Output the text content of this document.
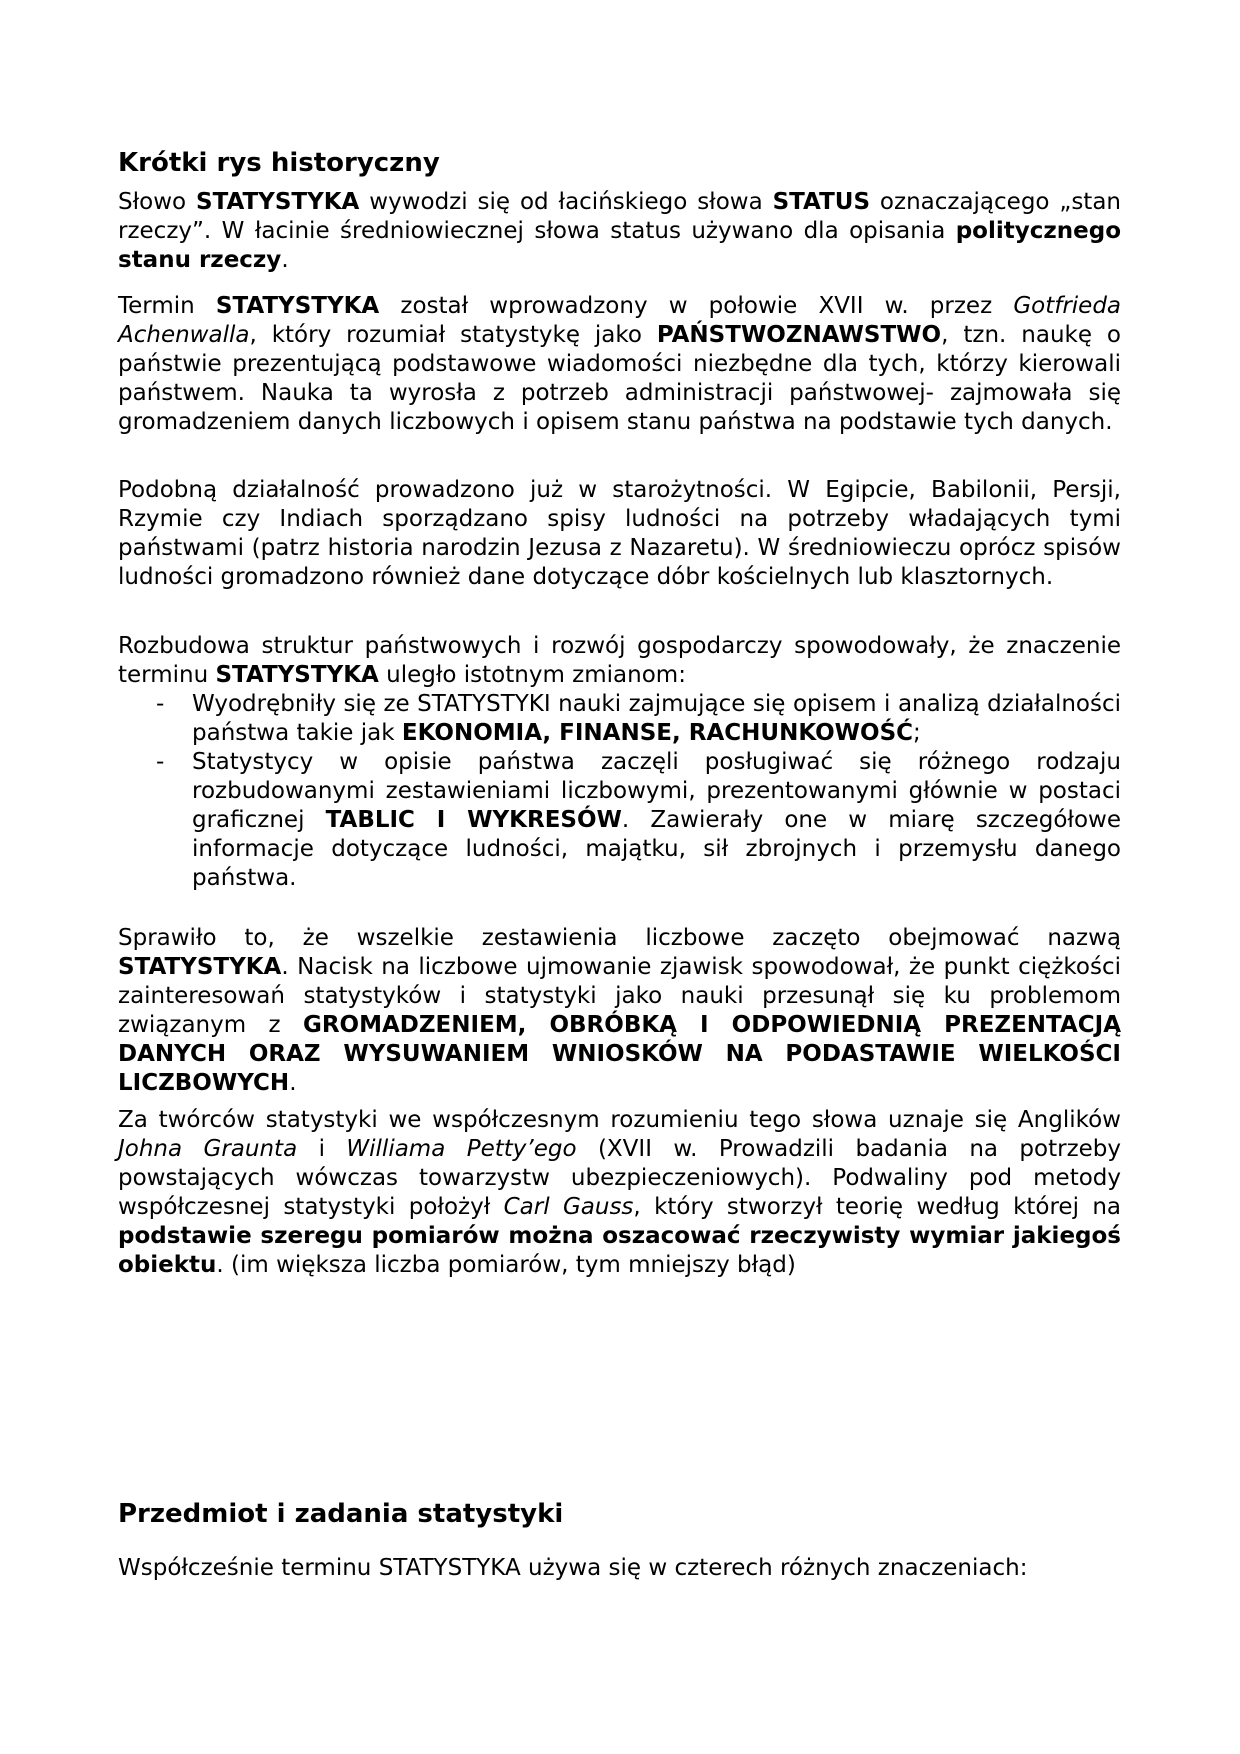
Krótki rys historyczny

Słowo STATYSTYKA wywodzi się od łacińskiego słowa STATUS oznaczającego „stan rzeczy”. W łacinie średniowiecznej słowa status używano dla opisania politycznego stanu rzeczy.

Termin STATYSTYKA został wprowadzony w połowie XVII w. przez Gotfrieda Achenwalla, który rozumiał statystykę jako PAŃSTWOZNAWSTWO, tzn. naukę o państwie prezentującą podstawowe wiadomości niezbędne dla tych, którzy kierowali państwem. Nauka ta wyrosła z potrzeb administracji państwowej- zajmowała się gromadzeniem danych liczbowych i opisem stanu państwa na podstawie tych danych.

Podobną działalność prowadzono już w starożytności. W Egipcie, Babilonii, Persji, Rzymie czy Indiach sporządzano spisy ludności na potrzeby władających tymi państwami (patrz historia narodzin Jezusa z Nazaretu). W średniowieczu oprócz spisów ludności gromadzono również dane dotyczące dóbr kościelnych lub klasztornych.

Rozbudowa struktur państwowych i rozwój gospodarczy spowodowały, że znaczenie terminu STATYSTYKA uległo istotnym zmianom:

- Wyodrębniły się ze STATYSTYKI nauki zajmujące się opisem i analizą działalności państwa takie jak EKONOMIA, FINANSE, RACHUNKOWOŚĆ;
- Statystycy w opisie państwa zaczęli posługiwać się różnego rodzaju rozbudowanymi zestawieniami liczbowymi, prezentowanymi głównie w postaci graficznej TABLIC I WYKRESÓW. Zawierały one w miarę szczegółowe informacje dotyczące ludności, majątku, sił zbrojnych i przemysłu danego państwa.

Sprawiło to, że wszelkie zestawienia liczbowe zaczęto obejmować nazwą STATYSTYKA. Nacisk na liczbowe ujmowanie zjawisk spowodował, że punkt ciężkości zainteresowań statystyków i statystyki jako nauki przesunął się ku problemom związanym z GROMADZENIEM, OBRÓBKĄ I ODPOWIEDNIĄ PREZENTACJĄ DANYCH ORAZ WYSUWANIEM WNIOSKÓW NA PODASTAWIE WIELKOŚCI LICZBOWYCH.

Za twórców statystyki we współczesnym rozumieniu tego słowa uznaje się Anglików Johna Graunta i Williama Petty’ego (XVII w. Prowadzili badania na potrzeby powstających wówczas towarzystw ubezpieczeniowych). Podwaliny pod metody współczesnej statystyki położył Carl Gauss, który stworzył teorię według której na podstawie szeregu pomiarów można oszacować rzeczywisty wymiar jakiegoś obiektu. (im większa liczba pomiarów, tym mniejszy błąd)

Przedmiot i zadania statystyki

Współcześnie terminu STATYSTYKA używa się w czterech różnych znaczeniach:
